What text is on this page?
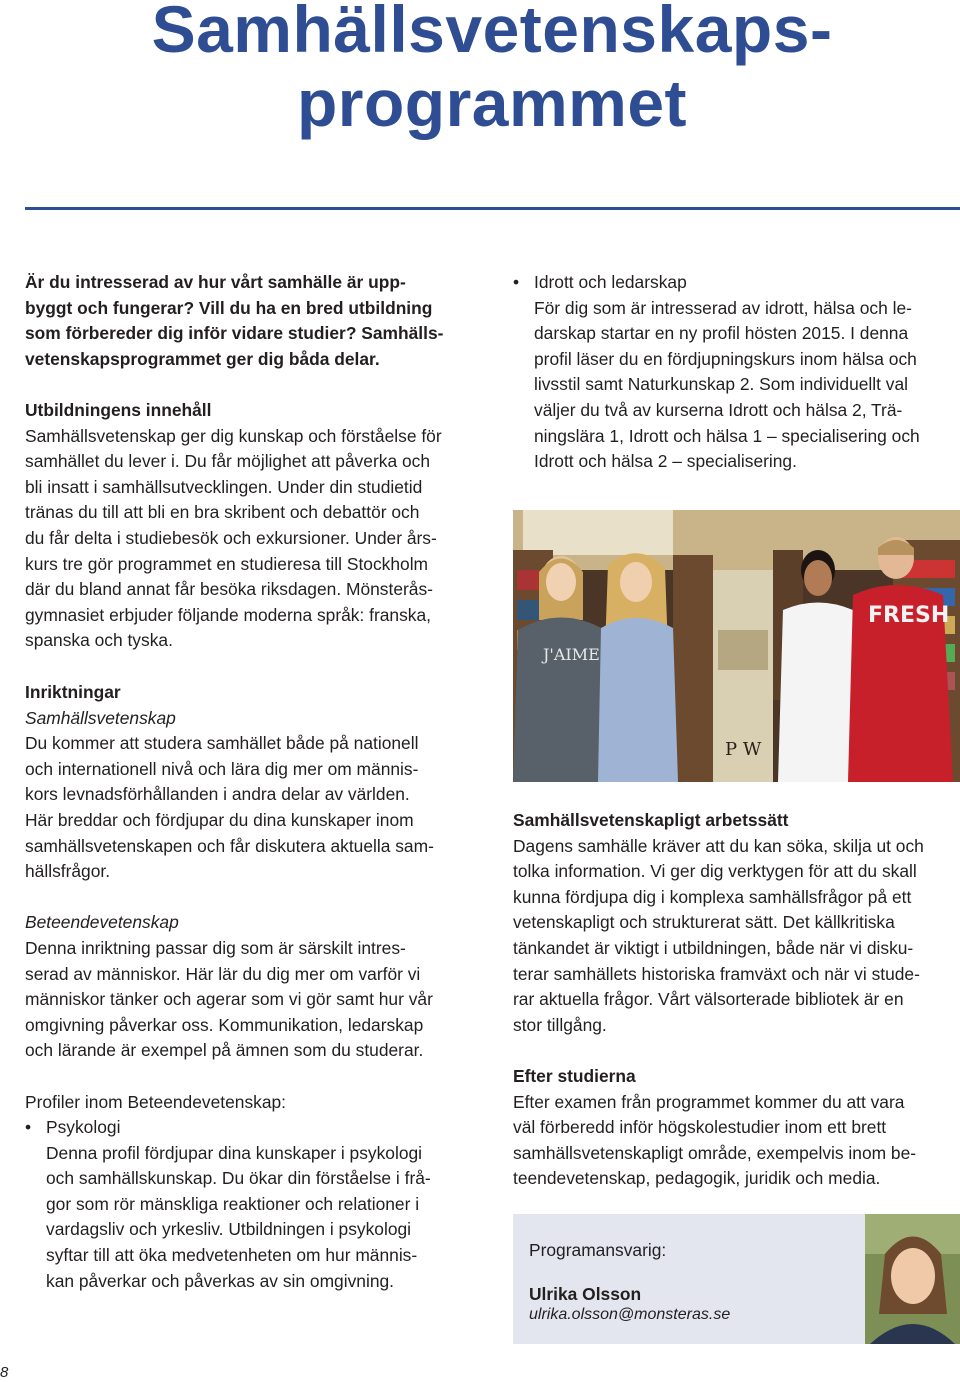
Samhällsvetenskaps-
programmet

Är du intresserad av hur vårt samhälle är upp-

byggt och fungerar? Vill du ha en bred utbildning

som förbereder dig inför vidare studier? Samhälls-

vetenskapsprogrammet ger dig båda delar.

Utbildningens innehåll

Samhällsvetenskap ger dig kunskap och förståelse för

samhället du lever i. Du får möjlighet att påverka och

bli insatt i samhällsutvecklingen. Under din studietid

tränas du till att bli en bra skribent och debattör och

du får delta i studiebesök och exkursioner. Under års-

kurs tre gör programmet en studieresa till Stockholm

där du bland annat får besöka riksdagen. Mönsterås-

gymnasiet erbjuder följande moderna språk: franska,

spanska och tyska.

Inriktningar

Samhällsvetenskap

Du kommer att studera samhället både på nationell

och internationell nivå och lära dig mer om männis-

kors levnadsförhållanden i andra delar av världen.

Här breddar och fördjupar du dina kunskaper inom

samhällsvetenskapen och får diskutera aktuella sam-

hällsfrågor.

Beteendevetenskap

Denna inriktning passar dig som är särskilt intres-

serad av människor. Här lär du dig mer om varför vi

människor tänker och agerar som vi gör samt hur vår

omgivning påverkar oss. Kommunikation, ledarskap

och lärande är exempel på ämnen som du studerar.

Profiler inom Beteendevetenskap:

• Psykologi

Denna profil fördjupar dina kunskaper i psykologi

och samhällskunskap. Du ökar din förståelse i frå-

gor som rör mänskliga reaktioner och relationer i

vardagsliv och yrkesliv. Utbildningen i psykologi

syftar till att öka medvetenheten om hur männis-

kan påverkar och påverkas av sin omgivning.

• Idrott och ledarskap

För dig som är intresserad av idrott, hälsa och le-

darskap startar en ny profil hösten 2015. I denna

profil läser du en fördjupningskurs inom hälsa och

livsstil samt Naturkunskap 2. Som individuellt val

väljer du två av kurserna Idrott och hälsa 2, Trä-

ningslära 1, Idrott och hälsa 1 – specialisering och

Idrott och hälsa 2 – specialisering.

P W
J'AIME
FRESH

Samhällsvetenskapligt arbetssätt

Dagens samhälle kräver att du kan söka, skilja ut och

tolka information. Vi ger dig verktygen för att du skall

kunna fördjupa dig i komplexa samhällsfrågor på ett

vetenskapligt och strukturerat sätt. Det källkritiska

tänkandet är viktigt i utbildningen, både när vi disku-

terar samhällets historiska framväxt och när vi stude-

rar aktuella frågor. Vårt välsorterade bibliotek är en

stor tillgång.

Efter studierna

Efter examen från programmet kommer du att vara

väl förberedd inför högskolestudier inom ett brett

samhällsvetenskapligt område, exempelvis inom be-

teendevetenskap, pedagogik, juridik och media.

Programansvarig:
Ulrika Olsson
ulrika.olsson@monsteras.se
8
